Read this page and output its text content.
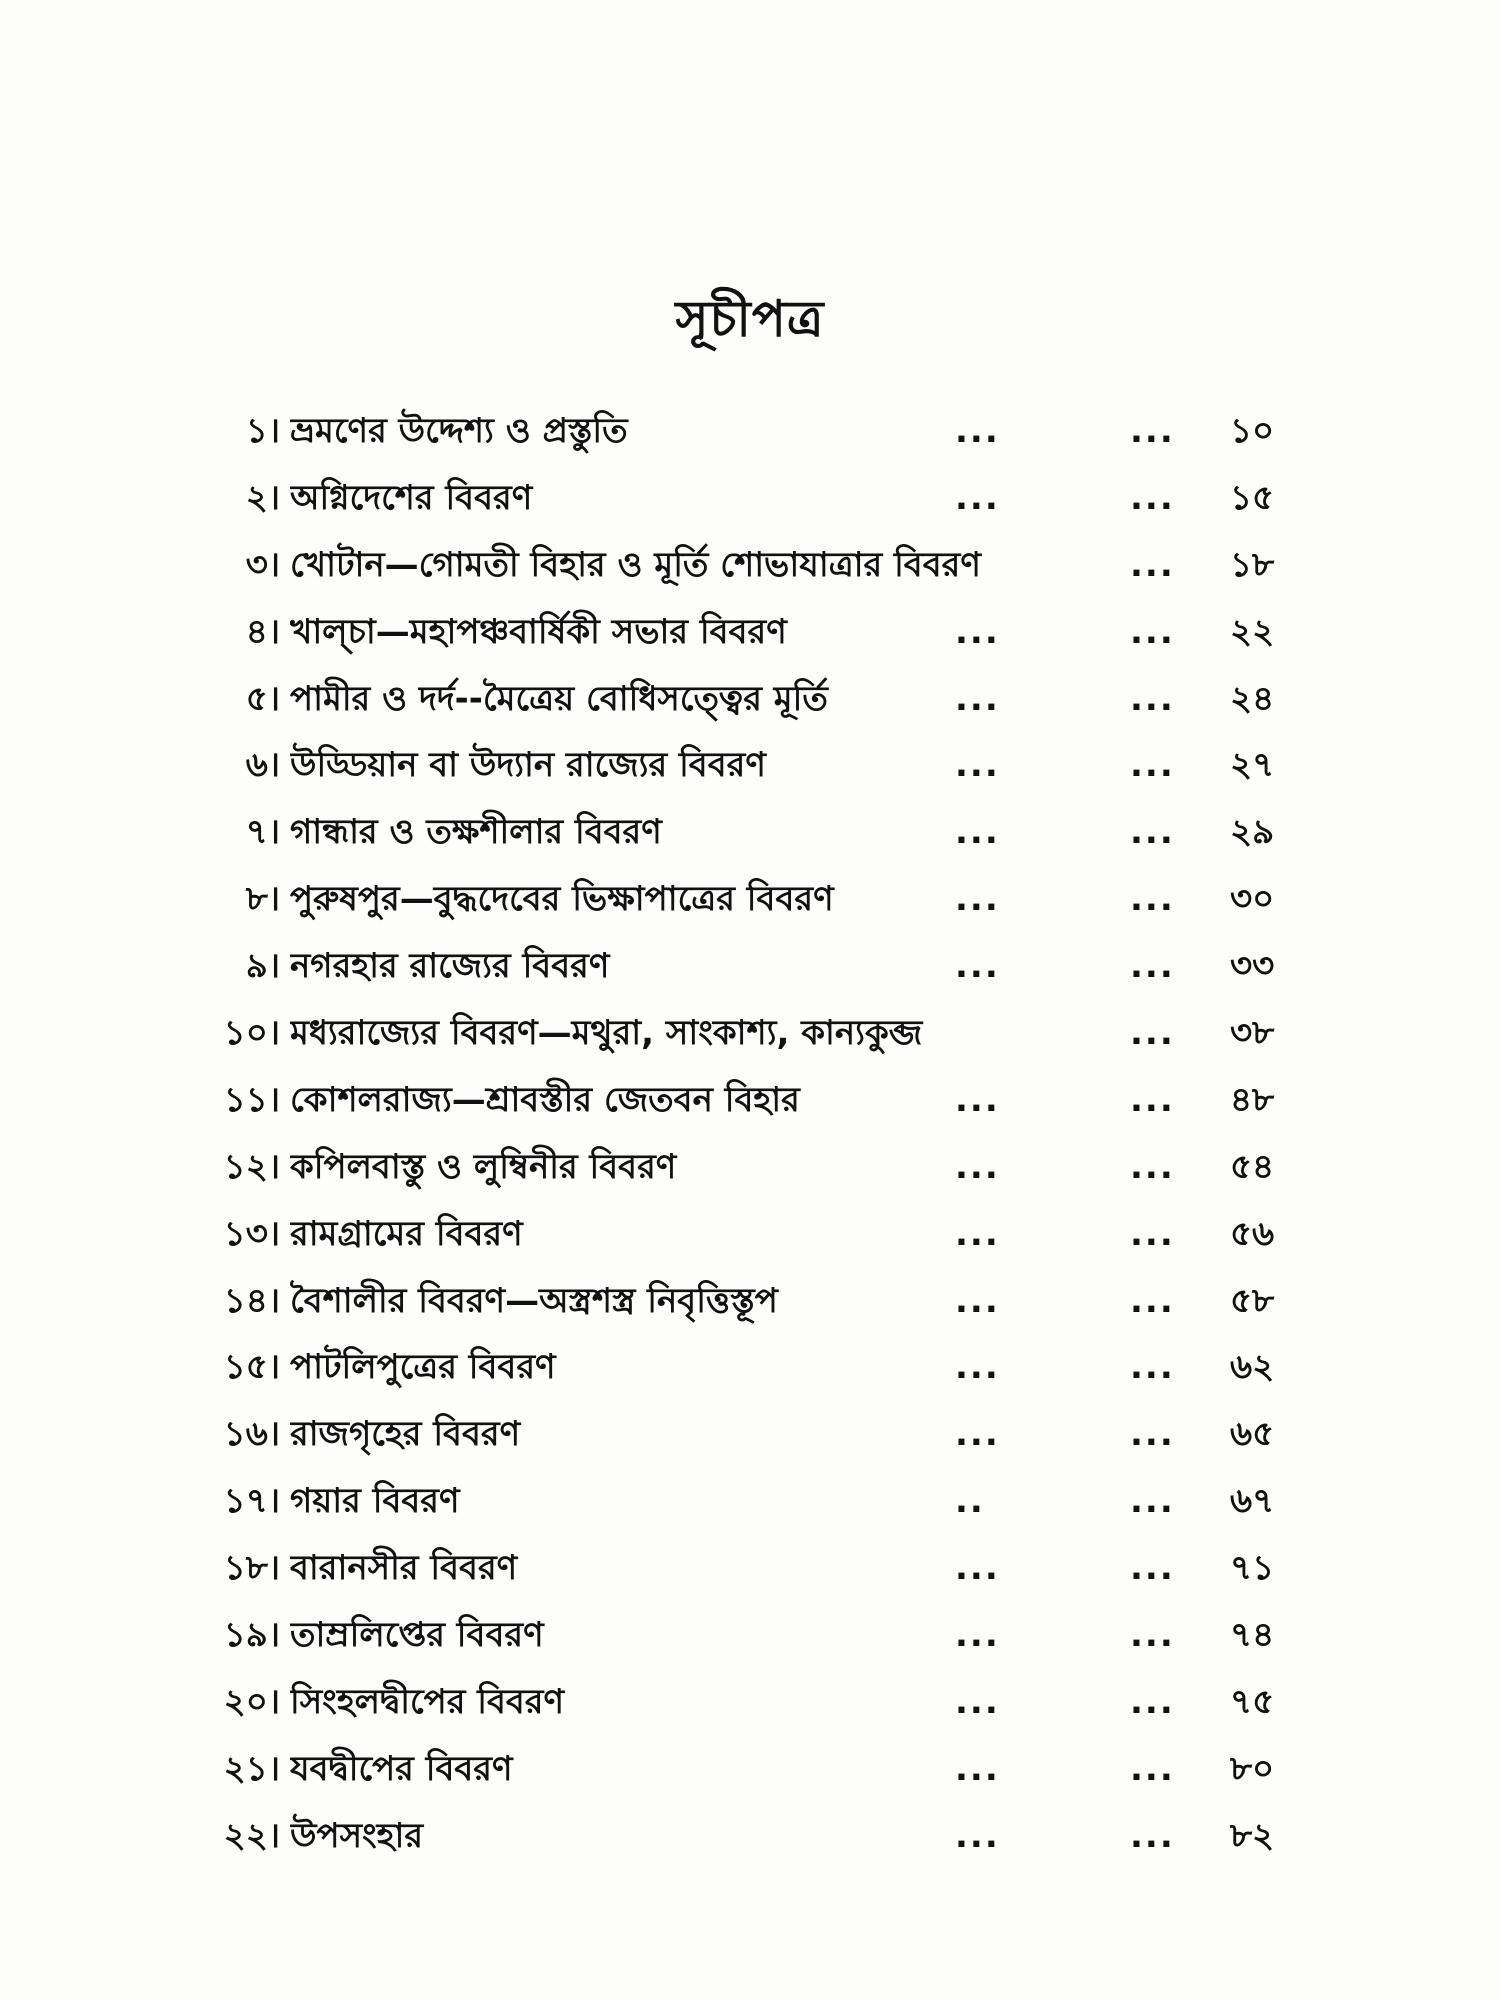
সূচীপত্র
১। ভ্রমণের উদ্দেশ্য ও প্রস্তুতি	...	...	১০
২। অগ্নিদেশের বিবরণ	...	...	১৫
৩। খোটান—গোমতী বিহার ও মূর্তি শোভাযাত্রার বিবরণ	...	১৮
৪। খাল্‌চা—মহাপঞ্চবার্ষিকী সভার বিবরণ	...	...	২২
৫। পামীর ও দর্দ--মৈত্রেয় বোধিসত্ত্বের মূর্তি	...	...	২৪
৬। উড্ডিয়ান বা উদ্যান রাজ্যের বিবরণ	...	...	২৭
৭। গান্ধার ও তক্ষশীলার বিবরণ	...	...	২৯
৮। পুরুষপুর—বুদ্ধদেবের ভিক্ষাপাত্রের বিবরণ	...	...	৩০
৯। নগরহার রাজ্যের বিবরণ	...	...	৩৩
১০। মধ্যরাজ্যের বিবরণ—মথুরা, সাংকাশ্য, কান্যকুব্জ	...	৩৮
১১। কোশলরাজ্য—শ্রাবস্তীর জেতবন বিহার	...	...	৪৮
১২। কপিলবাস্তু ও লুম্বিনীর বিবরণ	...	...	৫৪
১৩। রামগ্রামের বিবরণ	...	...	৫৬
১৪। বৈশালীর বিবরণ—অস্ত্রশস্ত্র নিবৃত্তিস্তূপ	...	...	৫৮
১৫। পাটলিপুত্রের বিবরণ	...	...	৬২
১৬। রাজগৃহের বিবরণ	...	...	৬৫
১৭। গয়ার বিবরণ	..	...	৬৭
১৮। বারানসীর বিবরণ	...	...	৭১
১৯। তাম্রলিপ্তের বিবরণ	...	...	৭৪
২০। সিংহলদ্বীপের বিবরণ	...	...	৭৫
২১। যবদ্বীপের বিবরণ	...	...	৮০
২২। উপসংহার	...	...	৮২
